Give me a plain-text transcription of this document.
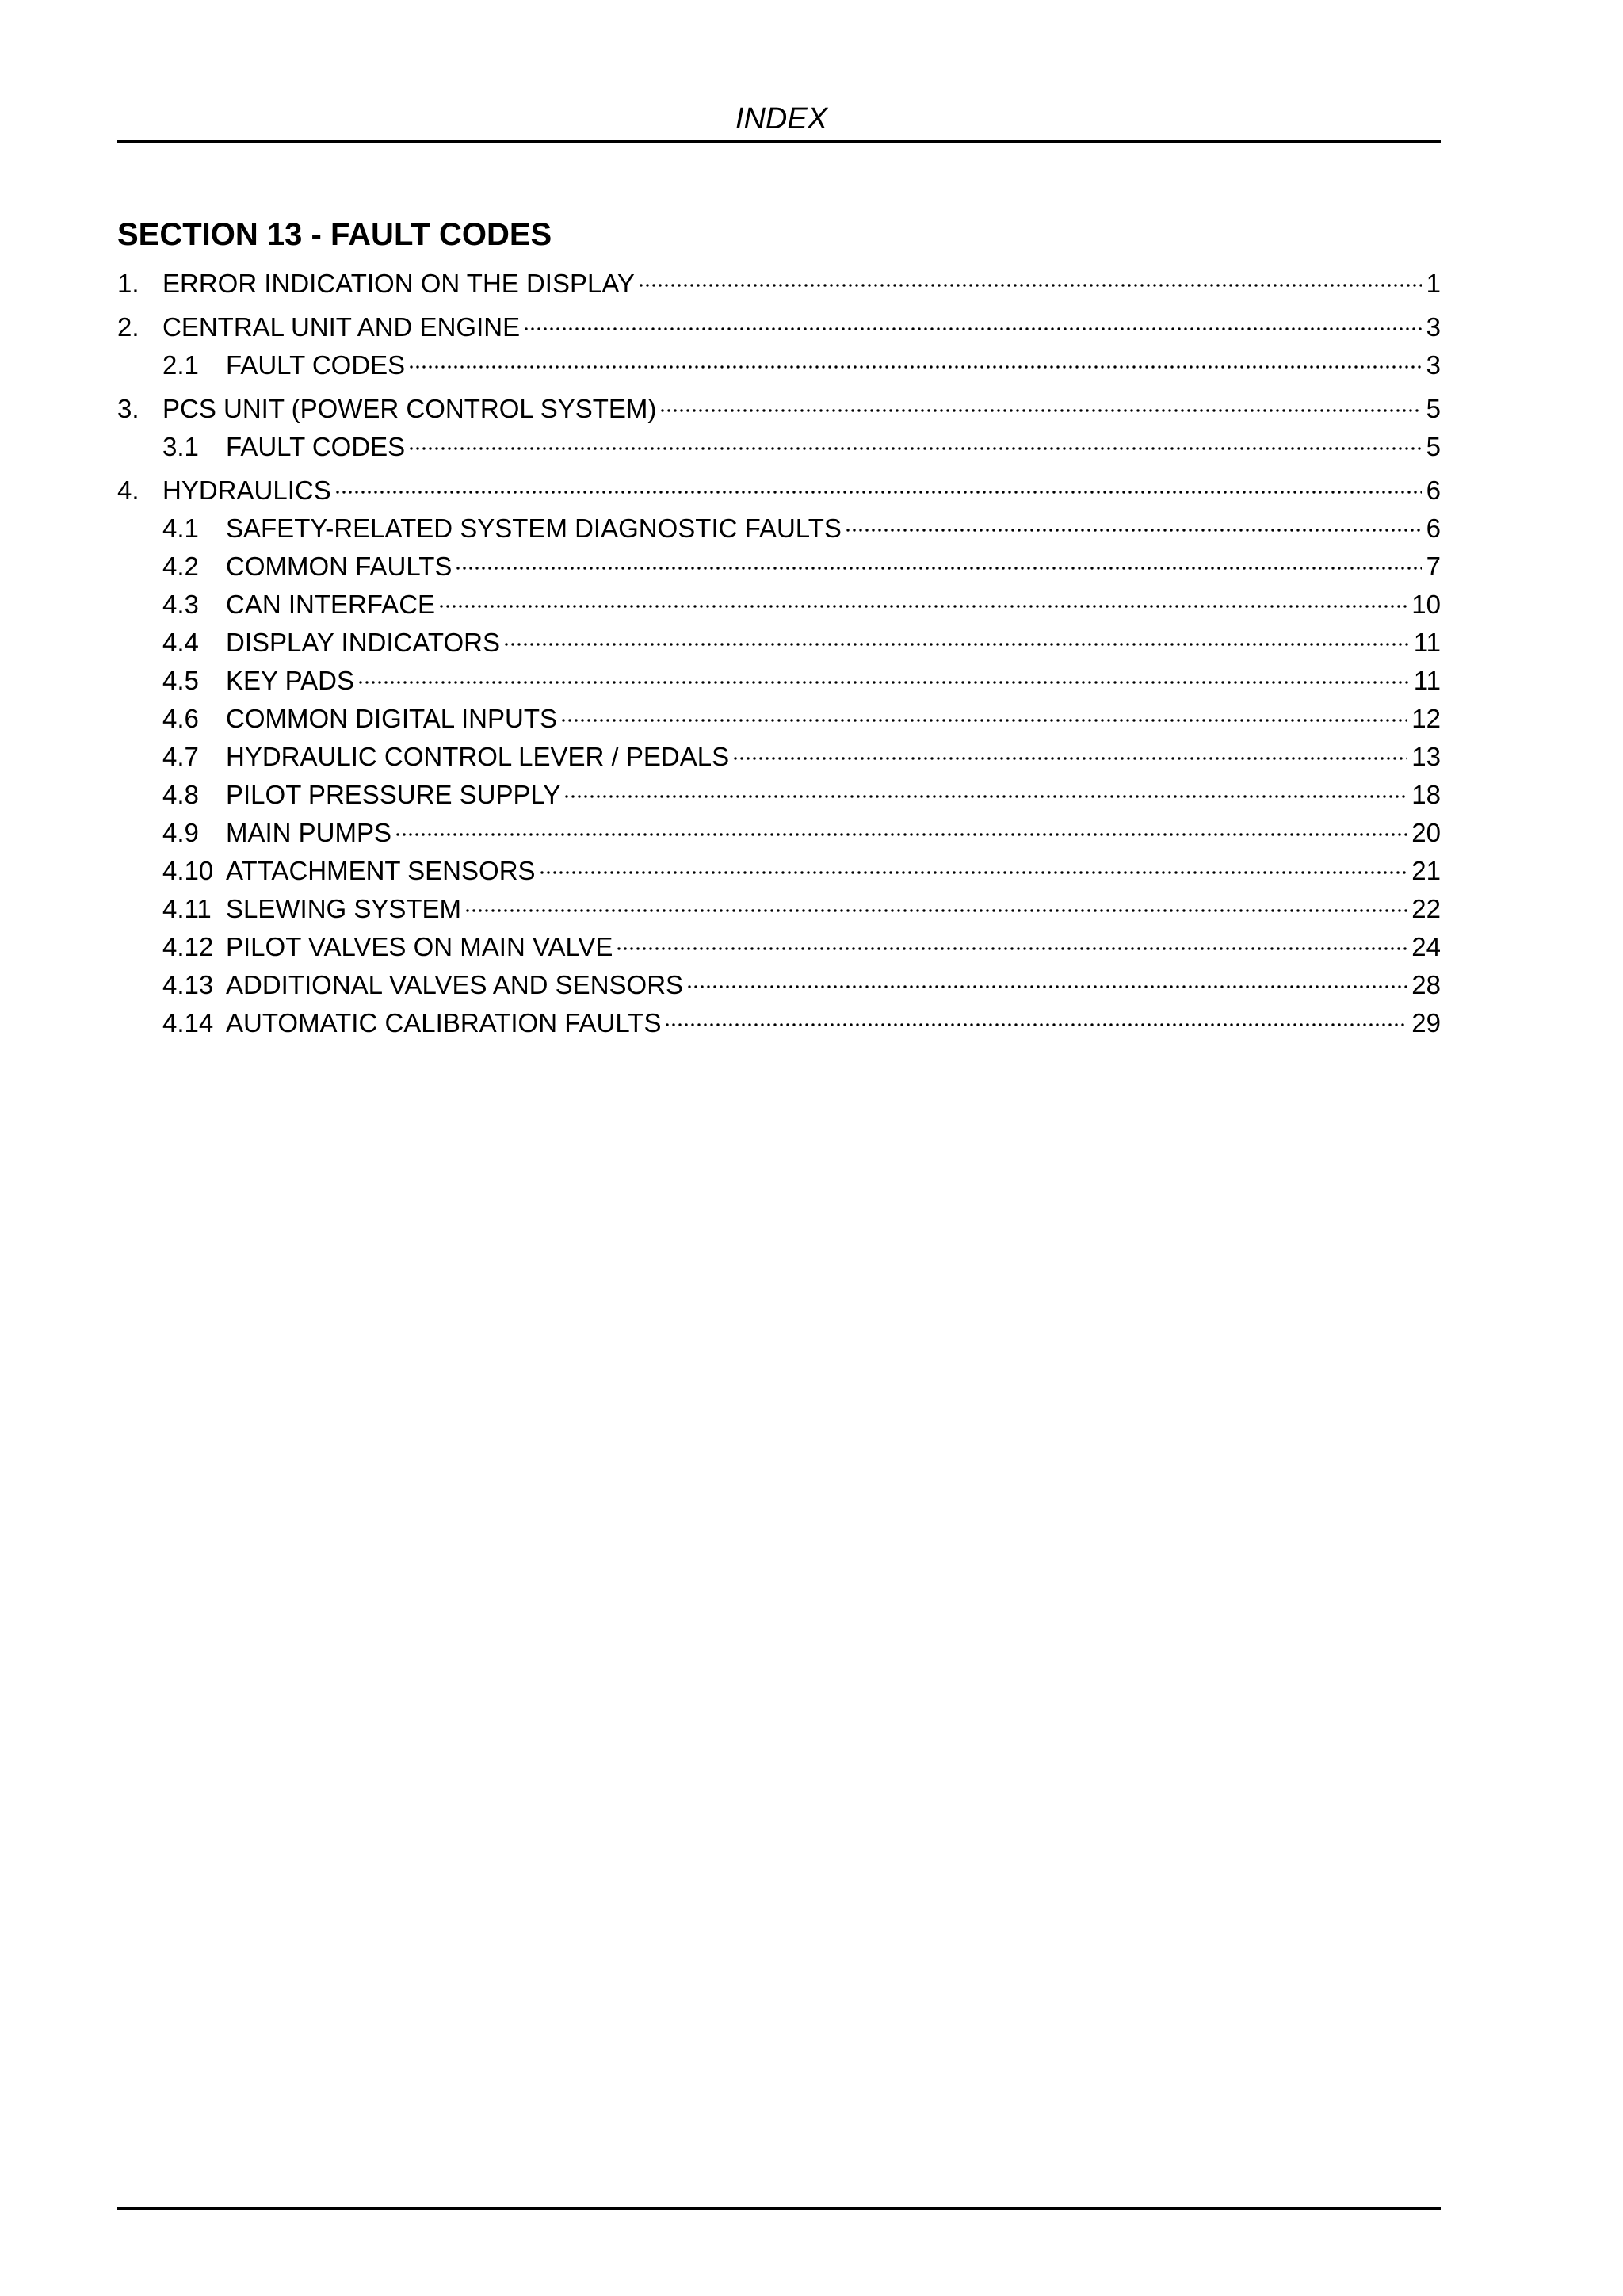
INDEX
SECTION 13 - FAULT CODES
1. ERROR INDICATION ON THE DISPLAY	1
2. CENTRAL UNIT AND ENGINE	3
2.1	FAULT CODES	3
3. PCS UNIT (POWER CONTROL SYSTEM)	5
3.1	FAULT CODES	5
4. HYDRAULICS	6
4.1	SAFETY-RELATED SYSTEM DIAGNOSTIC FAULTS	6
4.2	COMMON FAULTS	7
4.3	CAN INTERFACE	10
4.4	DISPLAY INDICATORS	11
4.5	KEY PADS	11
4.6	COMMON DIGITAL INPUTS	12
4.7	HYDRAULIC CONTROL LEVER / PEDALS	13
4.8	PILOT PRESSURE SUPPLY	18
4.9	MAIN PUMPS	20
4.10 ATTACHMENT SENSORS	21
4.11 SLEWING SYSTEM	22
4.12 PILOT VALVES ON MAIN VALVE	24
4.13 ADDITIONAL VALVES AND SENSORS	28
4.14 AUTOMATIC CALIBRATION FAULTS	29
